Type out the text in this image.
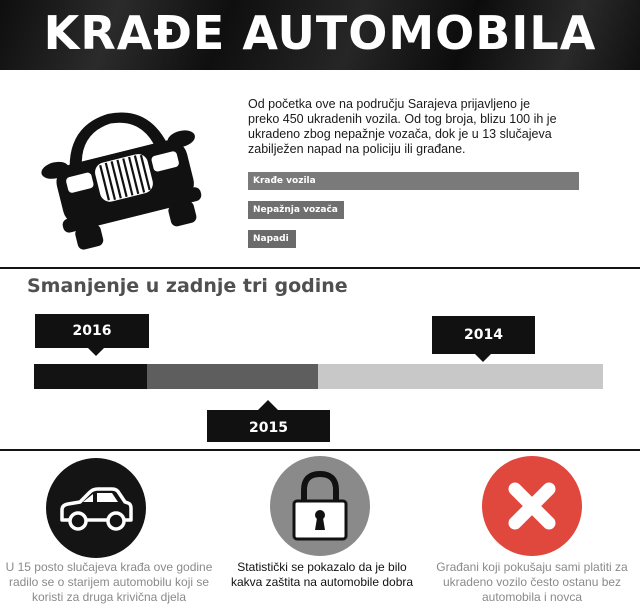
KRAĐE AUTOMOBILA

Od početka ove na području Sarajeva prijavljeno je preko 450 ukradenih vozila. Od tog broja, blizu 100 ih je ukradeno zbog nepažnje vozača, dok je u 13 slučajeva zabilježen napad na policiju ili građane.

Krađe vozila
Nepažnja vozača
Napadi
Smanjenje u zadnje tri godine
2016	2014
2015

U 15 posto slučajeva krađa ove godine radilo se o starijem automobilu koji se koristi za druga krivična djela

Statistički se pokazalo da je bilo kakva zaštita na automobile dobra

Građani koji pokušaju sami platiti za ukradeno vozilo često ostanu bez automobila i novca
